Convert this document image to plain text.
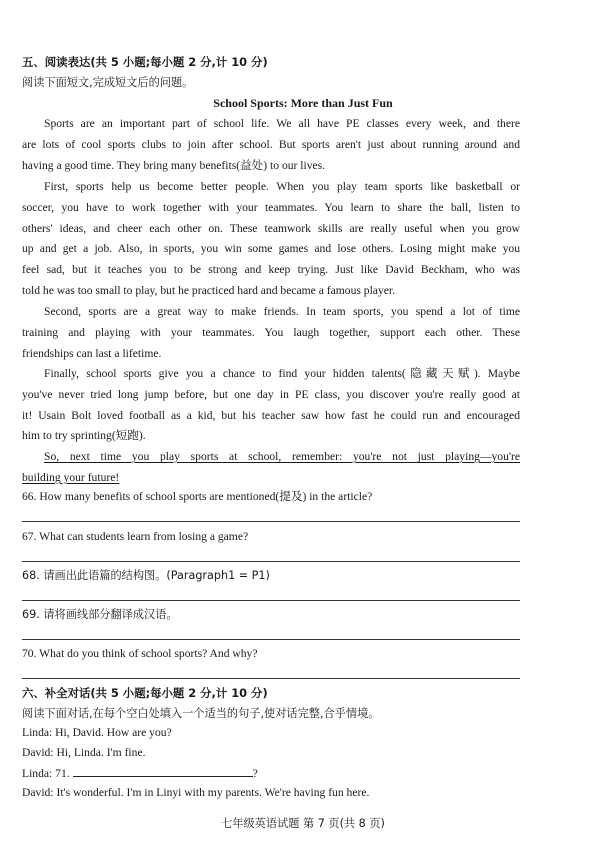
五、阅读表达(共 5 小题;每小题 2 分,计 10 分)
阅读下面短文,完成短文后的问题。
School Sports: More than Just Fun
Sports are an important part of school life. We all have PE classes every week, and there
are lots of cool sports clubs to join after school. But sports aren't just about running around and
having a good time. They bring many benefits(益处) to our lives.
First, sports help us become better people. When you play team sports like basketball or
soccer, you have to work together with your teammates. You learn to share the ball, listen to
others' ideas, and cheer each other on. These teamwork skills are really useful when you grow
up and get a job. Also, in sports, you win some games and lose others. Losing might make you
feel sad, but it teaches you to be strong and keep trying. Just like David Beckham, who was
told he was too small to play, but he practiced hard and became a famous player.
Second, sports are a great way to make friends. In team sports, you spend a lot of time
training and playing with your teammates. You laugh together, support each other. These
friendships can last a lifetime.
Finally, school sports give you a chance to find your hidden talents(隐藏天赋). Maybe
you've never tried long jump before, but one day in PE class, you discover you're really good at
it! Usain Bolt loved football as a kid, but his teacher saw how fast he could run and encouraged
him to try sprinting(短跑).
So, next time you play sports at school, remember: you're not just playing—you're
building your future!
66. How many benefits of school sports are mentioned(提及) in the article?
67. What can students learn from losing a game?
68. 请画出此语篇的结构图。(Paragraph1 = P1)
69. 请将画线部分翻译成汉语。
70. What do you think of school sports? And why?
六、补全对话(共 5 小题;每小题 2 分,计 10 分)
阅读下面对话,在每个空白处填入一个适当的句子,使对话完整,合乎情境。
Linda: Hi, David. How are you?
David: Hi, Linda. I'm fine.
Linda: 71.	?
David: It's wonderful. I'm in Linyi with my parents. We're having fun here.
七年级英语试题 第 7 页(共 8 页)
